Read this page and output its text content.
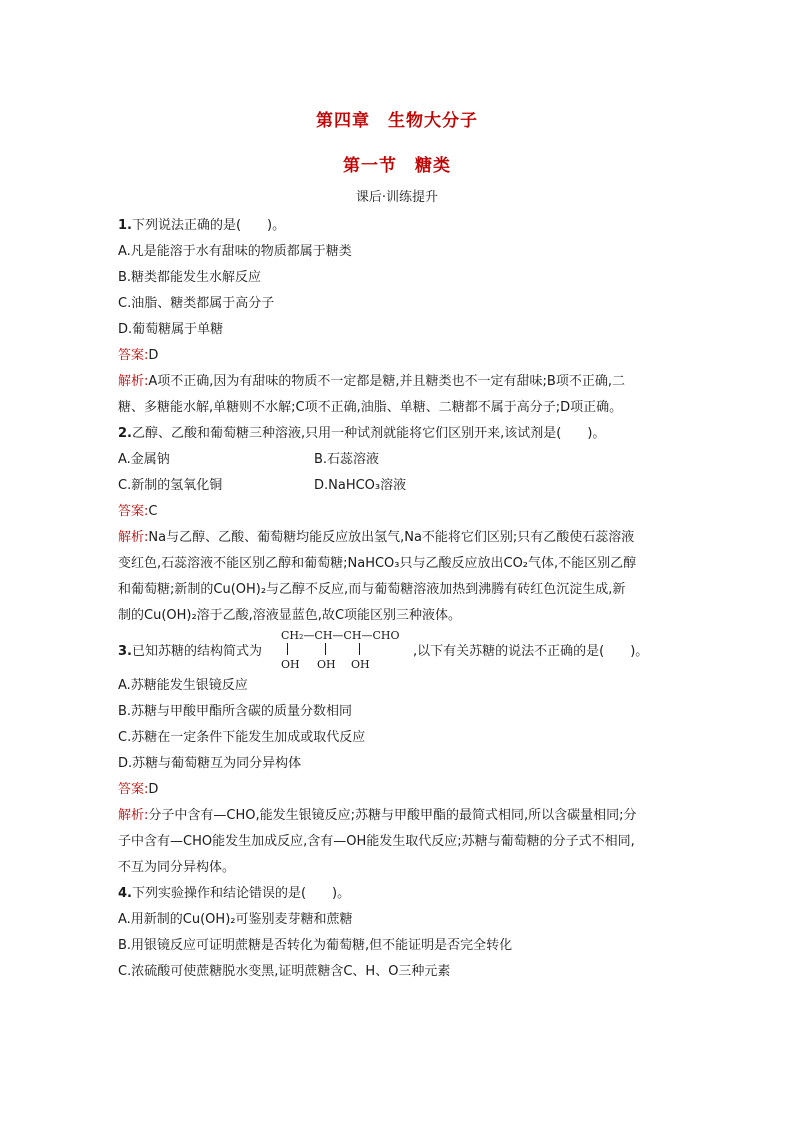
第四章　生物大分子
第一节　糖类
课后·训练提升
1.下列说法正确的是(　　)。
A.凡是能溶于水有甜味的物质都属于糖类
B.糖类都能发生水解反应
C.油脂、糖类都属于高分子
D.葡萄糖属于单糖
答案:D
解析:A项不正确,因为有甜味的物质不一定都是糖,并且糖类也不一定有甜味;B项不正确,二
糖、多糖能水解,单糖则不水解;C项不正确,油脂、单糖、二糖都不属于高分子;D项正确。
2.乙醇、乙酸和葡萄糖三种溶液,只用一种试剂就能将它们区别开来,该试剂是(　　)。
A.金属钠	B.石蕊溶液
C.新制的氢氧化铜	D.NaHCO₃溶液
答案:C
解析:Na与乙醇、乙酸、葡萄糖均能反应放出氢气,Na不能将它们区别;只有乙酸使石蕊溶液
变红色,石蕊溶液不能区别乙醇和葡萄糖;NaHCO₃只与乙酸反应放出CO₂气体,不能区别乙醇
和葡萄糖;新制的Cu(OH)₂与乙醇不反应,而与葡萄糖溶液加热到沸腾有砖红色沉淀生成,新
制的Cu(OH)₂溶于乙酸,溶液显蓝色,故C项能区别三种液体。
3.已知苏糖的结构简式为
CH₂—CH—CH—CHO
OH OH OH
,以下有关苏糖的说法不正确的是(　　)。
A.苏糖能发生银镜反应
B.苏糖与甲酸甲酯所含碳的质量分数相同
C.苏糖在一定条件下能发生加成或取代反应
D.苏糖与葡萄糖互为同分异构体
答案:D
解析:分子中含有—CHO,能发生银镜反应;苏糖与甲酸甲酯的最简式相同,所以含碳量相同;分
子中含有—CHO能发生加成反应,含有—OH能发生取代反应;苏糖与葡萄糖的分子式不相同,
不互为同分异构体。
4.下列实验操作和结论错误的是(　　)。
A.用新制的Cu(OH)₂可鉴别麦芽糖和蔗糖
B.用银镜反应可证明蔗糖是否转化为葡萄糖,但不能证明是否完全转化
C.浓硫酸可使蔗糖脱水变黑,证明蔗糖含C、H、O三种元素
